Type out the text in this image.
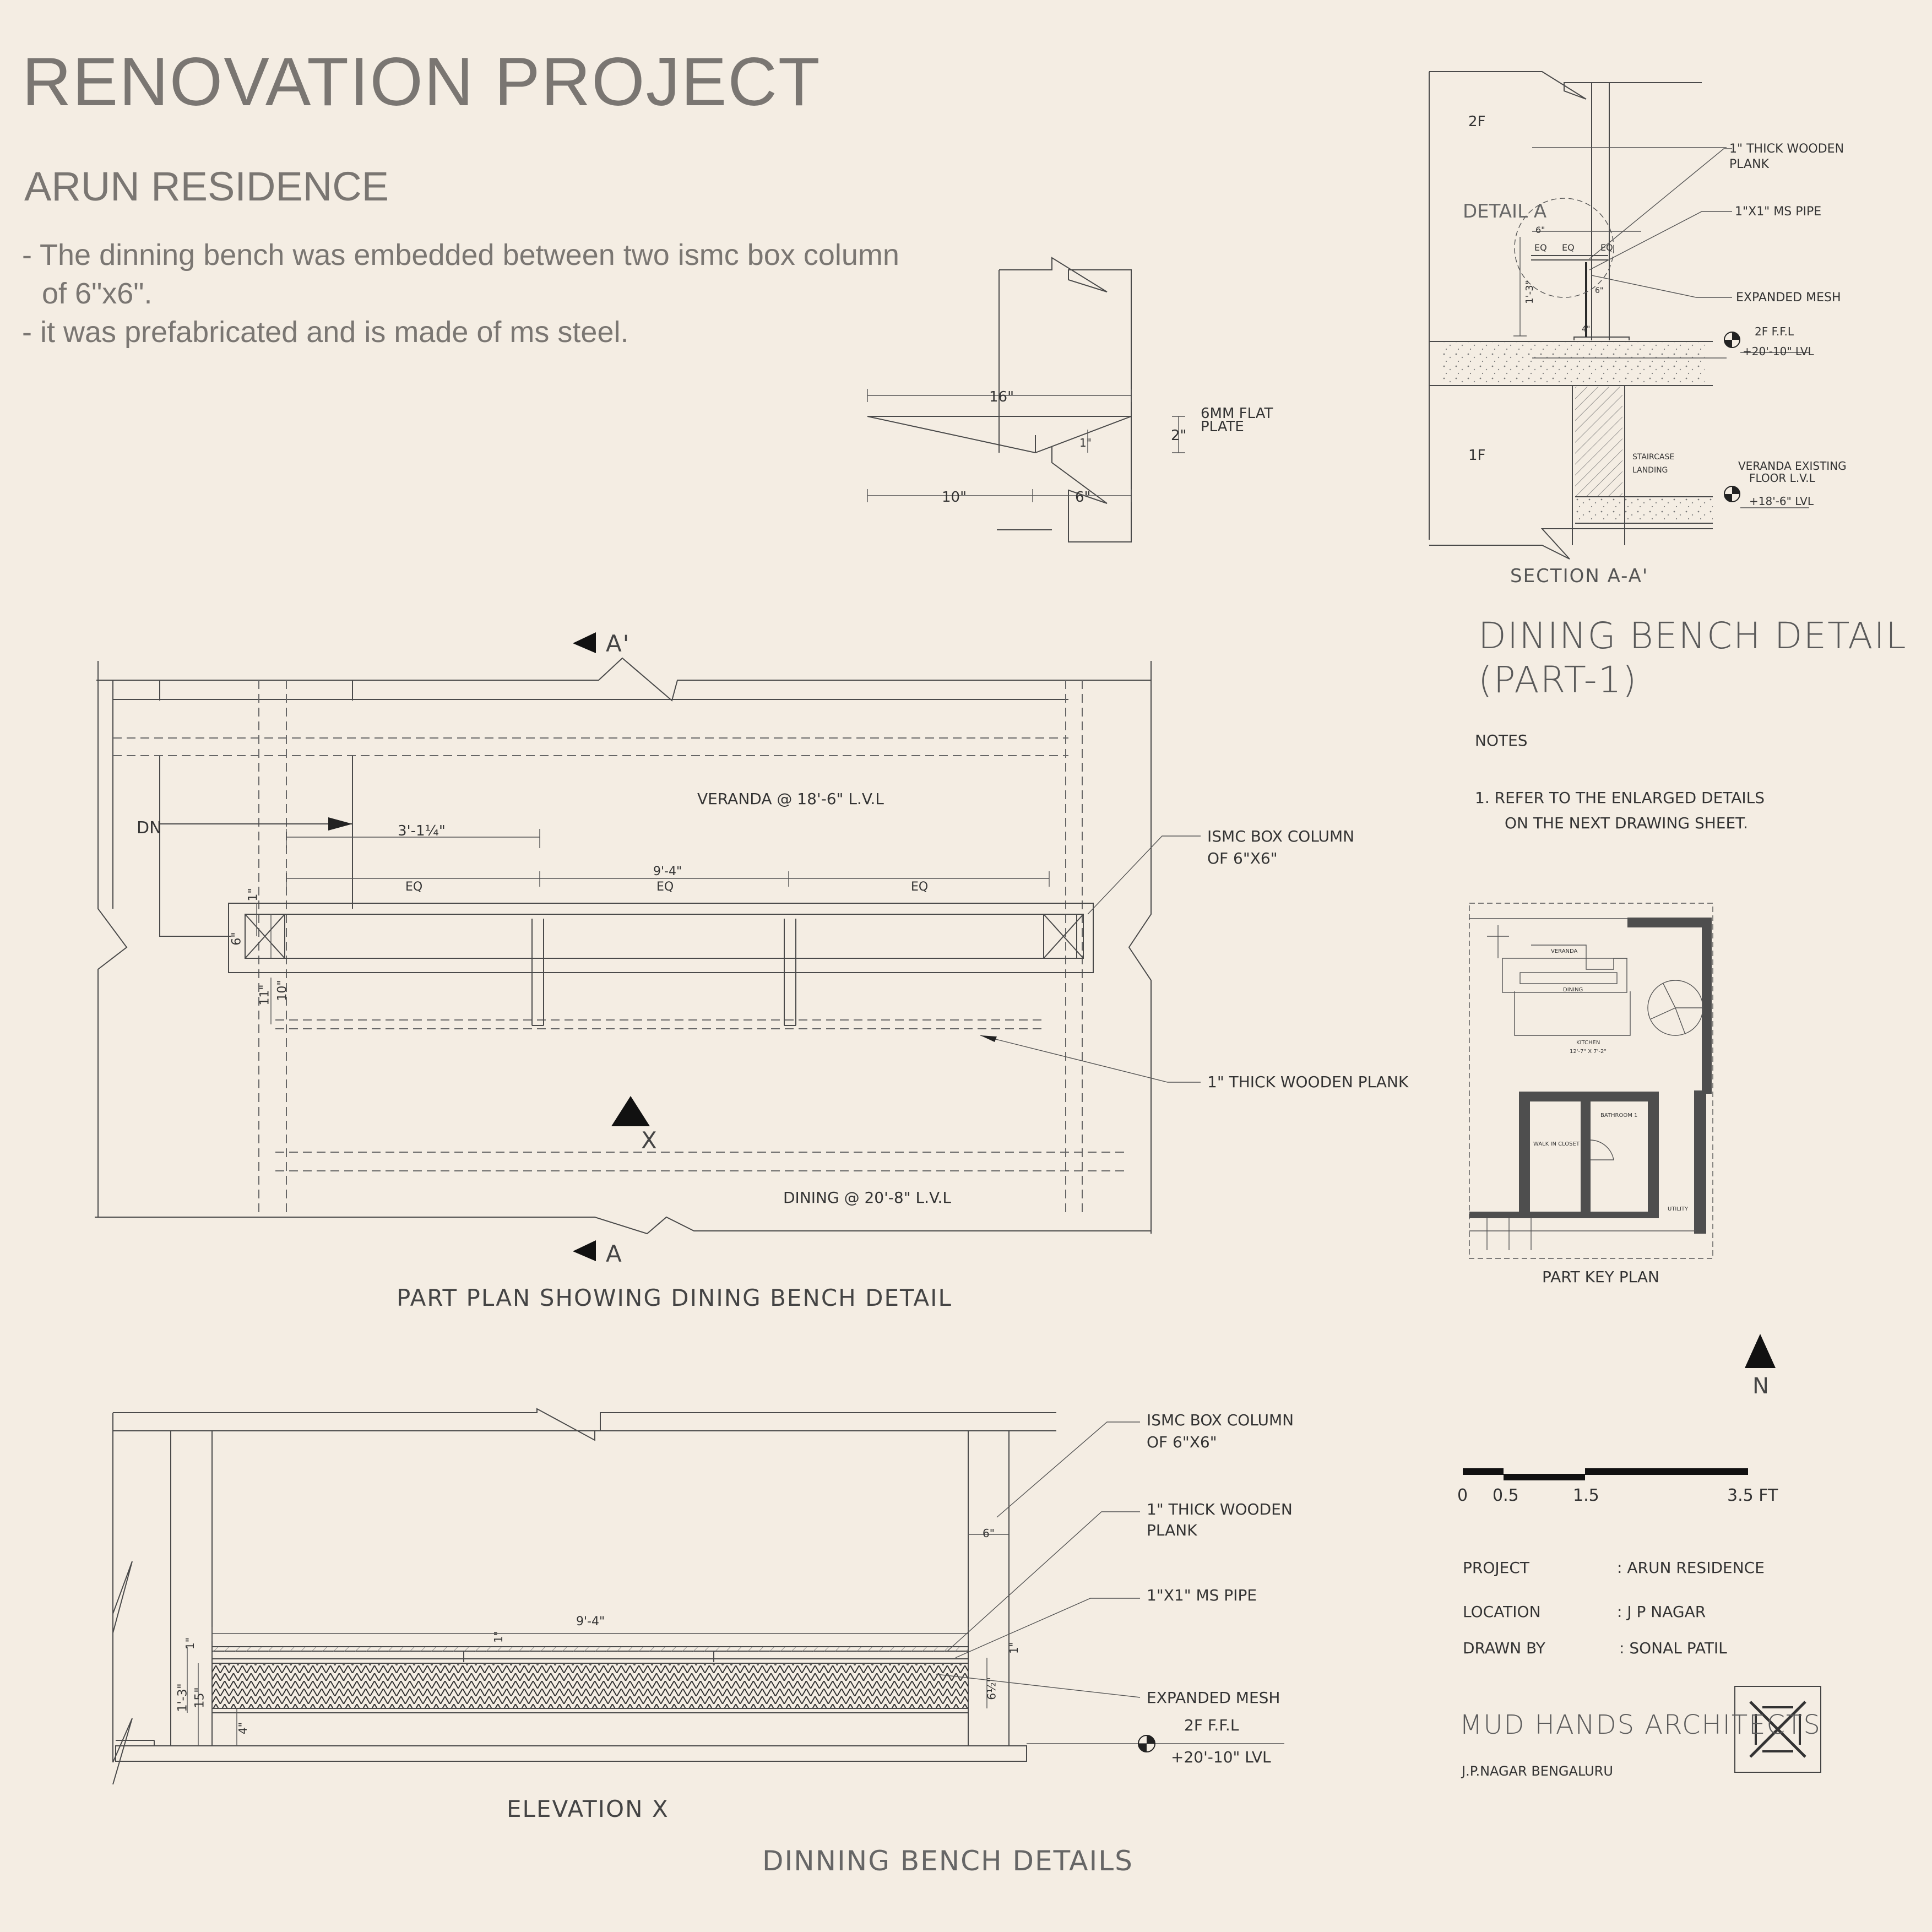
RENOVATION PROJECT
ARUN RESIDENCE
- The dinning bench was embedded between two ismc box column
of 6"x6".
- it was prefabricated and is made of ms steel.
16"
10"	6"
2"
1"
6MM FLAT
PLATE
2F
1F
DETAIL A
STAIRCASE
LANDING
EQ EQ	EQ
6"
1'-3"
4"
6"
1" THICK WOODEN
PLANK
1"X1" MS PIPE
EXPANDED MESH
2F F.F.L
+20'-10" LVL
VERANDA EXISTING
FLOOR L.V.L
+18'-6" LVL
SECTION A-A'
DINING BENCH DETAIL
(PART-1)
NOTES
1. REFER TO THE ENLARGED DETAILS
ON THE NEXT DRAWING SHEET.
A'
A
DN
VERANDA @ 18'-6" L.V.L
DINING @ 20'-8" L.V.L
3'-1¼"
9'-4"
EQ	EQ	EQ
1"
6"
10"
11"
ISMC BOX COLUMN
OF 6"X6"
1" THICK WOODEN PLANK
X
PART PLAN SHOWING DINING BENCH DETAIL
VERANDA
DINING
KITCHEN
12'-7" X 7'-2"
BATHROOM 1
WALK IN CLOSET
UTILITY
PART KEY PLAN
N
0 0.5	1.5	3.5 FT
9'-4"
6"
1"
1"	1"
1'-3" 15"
4"
6½"
ISMC BOX COLUMN
OF 6"X6"
1" THICK WOODEN
PLANK
1"X1" MS PIPE
EXPANDED MESH
2F F.F.L
+20'-10" LVL
ELEVATION X
PROJECT	: ARUN RESIDENCE
LOCATION	: J P NAGAR
DRAWN BY	: SONAL PATIL
MUD HANDS ARCHITECTS
J.P.NAGAR BENGALURU
DINNING BENCH DETAILS
